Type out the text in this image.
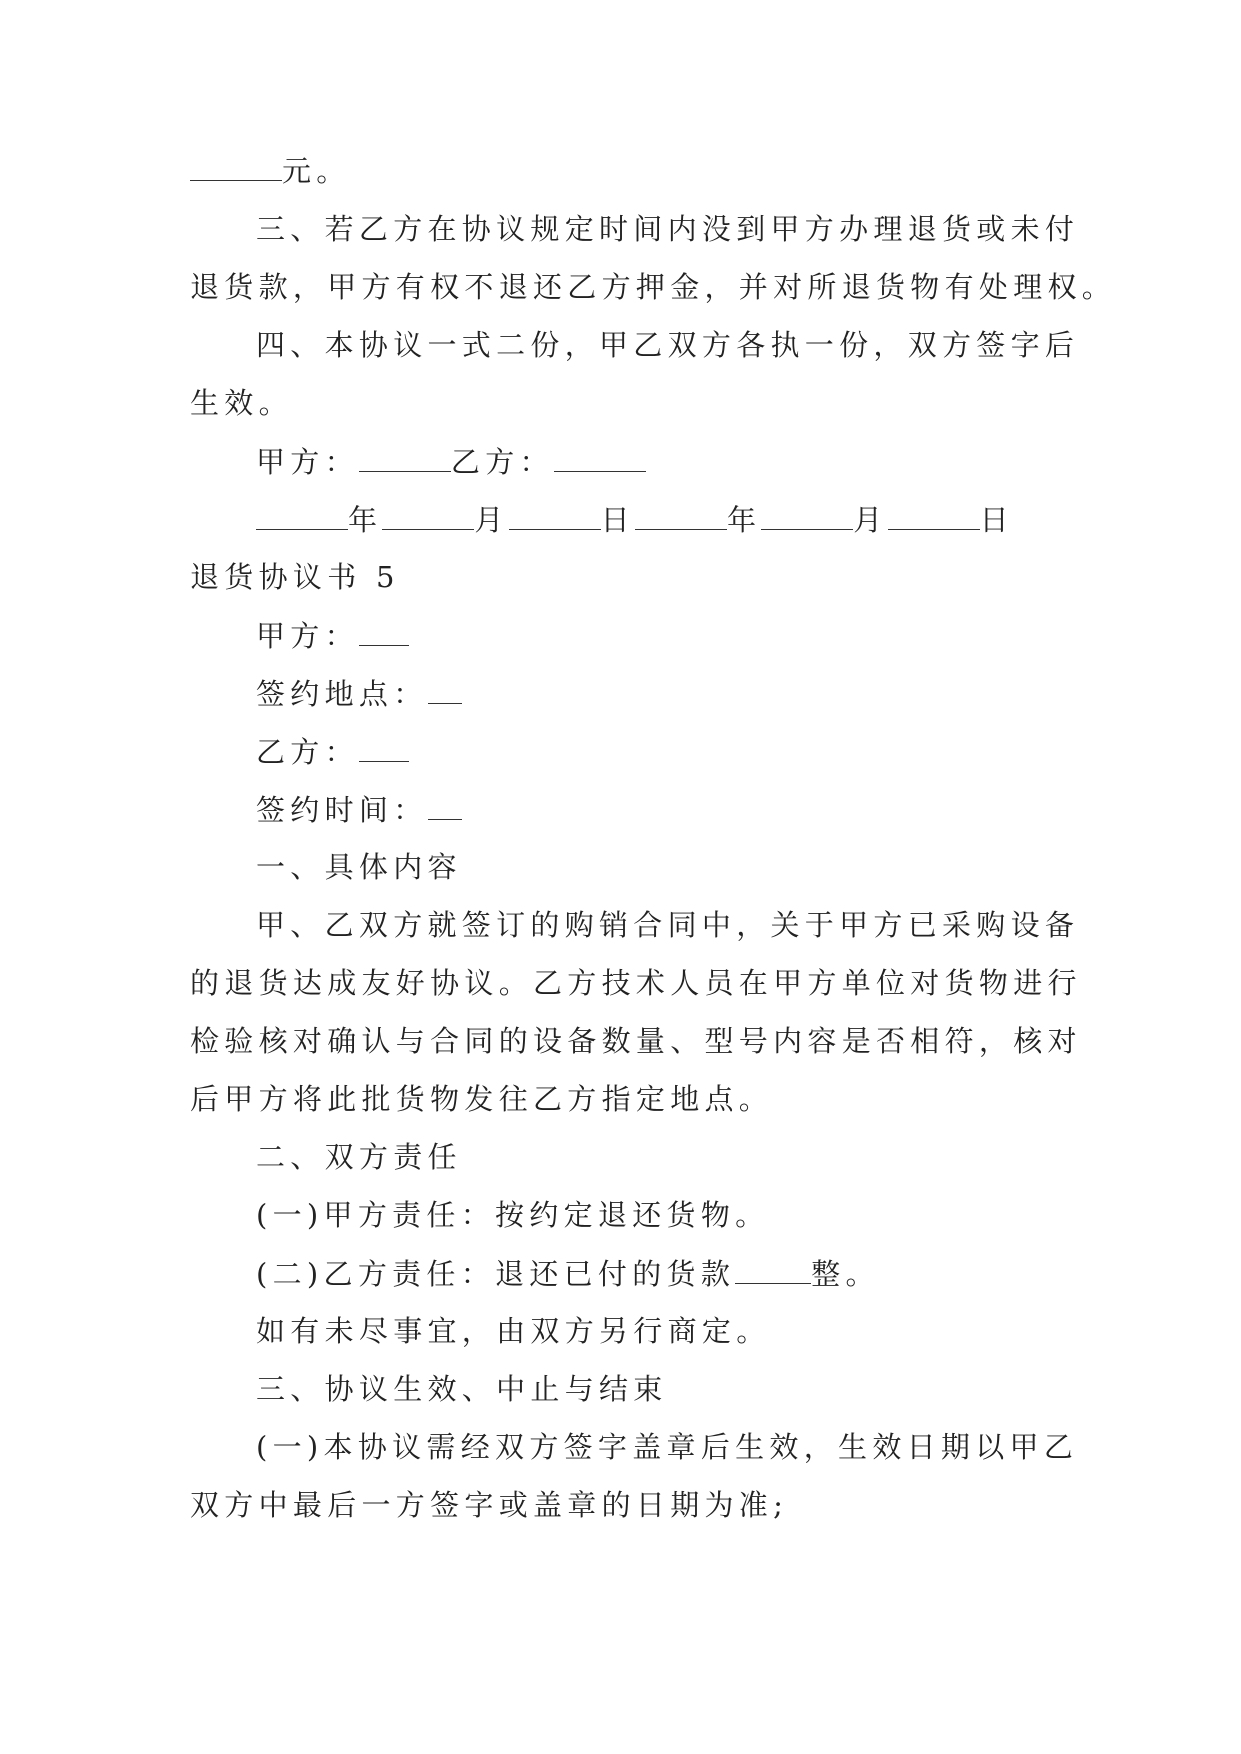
元。
三、若乙方在协议规定时间内没到甲方办理退货或未付
退货款，甲方有权不退还乙方押金，并对所退货物有处理权。
四、本协议一式二份，甲乙双方各执一份，双方签字后
生效。
甲方：	乙方：
年	月	日	年	月	日
退货协议书 5
甲方：
签约地点：
乙方：
签约时间：
一、具体内容
甲、乙双方就签订的购销合同中，关于甲方已采购设备
的退货达成友好协议。乙方技术人员在甲方单位对货物进行
检验核对确认与合同的设备数量、型号内容是否相符，核对
后甲方将此批货物发往乙方指定地点。
二、双方责任
(一)甲方责任：按约定退还货物。
(二)乙方责任：退还已付的货款	整。
如有未尽事宜，由双方另行商定。
三、协议生效、中止与结束
(一)本协议需经双方签字盖章后生效，生效日期以甲乙
双方中最后一方签字或盖章的日期为准;
